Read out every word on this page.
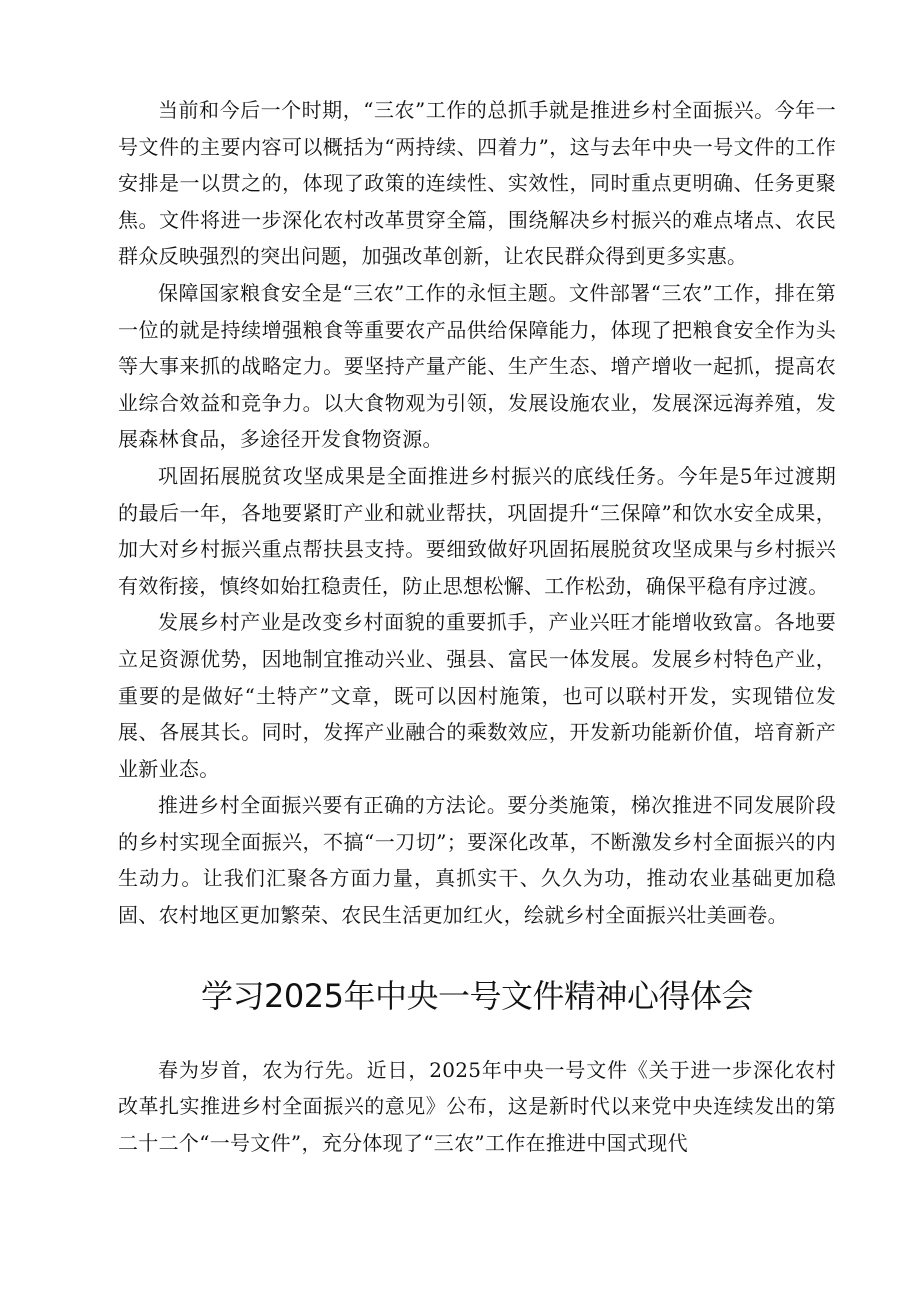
当前和今后一个时期，“三农”工作的总抓手就是推进乡村全面振兴。今年一号文件的主要内容可以概括为“两持续、四着力”，这与去年中央一号文件的工作安排是一以贯之的，体现了政策的连续性、实效性，同时重点更明确、任务更聚焦。文件将进一步深化农村改革贯穿全篇，围绕解决乡村振兴的难点堵点、农民群众反映强烈的突出问题，加强改革创新，让农民群众得到更多实惠。

保障国家粮食安全是“三农”工作的永恒主题。文件部署“三农”工作，排在第一位的就是持续增强粮食等重要农产品供给保障能力，体现了把粮食安全作为头等大事来抓的战略定力。要坚持产量产能、生产生态、增产增收一起抓，提高农业综合效益和竞争力。以大食物观为引领，发展设施农业，发展深远海养殖，发展森林食品，多途径开发食物资源。

巩固拓展脱贫攻坚成果是全面推进乡村振兴的底线任务。今年是5年过渡期的最后一年，各地要紧盯产业和就业帮扶，巩固提升“三保障”和饮水安全成果，加大对乡村振兴重点帮扶县支持。要细致做好巩固拓展脱贫攻坚成果与乡村振兴有效衔接，慎终如始扛稳责任，防止思想松懈、工作松劲，确保平稳有序过渡。

发展乡村产业是改变乡村面貌的重要抓手，产业兴旺才能增收致富。各地要立足资源优势，因地制宜推动兴业、强县、富民一体发展。发展乡村特色产业，重要的是做好“土特产”文章，既可以因村施策，也可以联村开发，实现错位发展、各展其长。同时，发挥产业融合的乘数效应，开发新功能新价值，培育新产业新业态。

推进乡村全面振兴要有正确的方法论。要分类施策，梯次推进不同发展阶段的乡村实现全面振兴，不搞“一刀切”；要深化改革，不断激发乡村全面振兴的内生动力。让我们汇聚各方面力量，真抓实干、久久为功，推动农业基础更加稳固、农村地区更加繁荣、农民生活更加红火，绘就乡村全面振兴壮美画卷。

学习2025年中央一号文件精神心得体会

春为岁首，农为行先。近日，2025年中央一号文件《关于进一步深化农村改革扎实推进乡村全面振兴的意见》公布，这是新时代以来党中央连续发出的第二十二个“一号文件”，充分体现了“三农”工作在推进中国式现代
